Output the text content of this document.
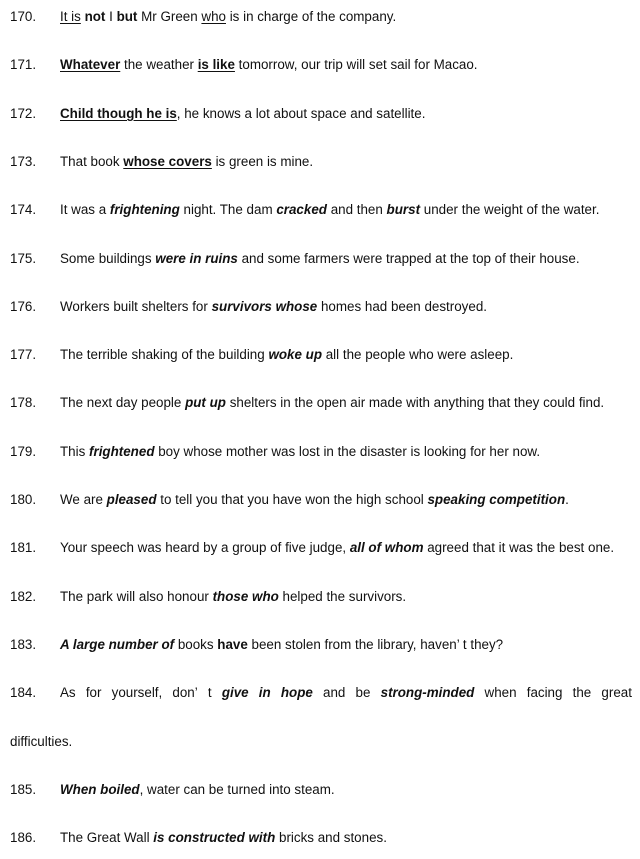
170. It is not I but Mr Green who is in charge of the company.
171. Whatever the weather is like tomorrow, our trip will set sail for Macao.
172. Child though he is, he knows a lot about space and satellite.
173. That book whose covers is green is mine.
174. It was a frightening night. The dam cracked and then burst under the weight of the water.
175. Some buildings were in ruins and some farmers were trapped at the top of their house.
176. Workers built shelters for survivors whose homes had been destroyed.
177. The terrible shaking of the building woke up all the people who were asleep.
178. The next day people put up shelters in the open air made with anything that they could find.
179. This frightened boy whose mother was lost in the disaster is looking for her now.
180. We are pleased to tell you that you have won the high school speaking competition.
181. Your speech was heard by a group of five judge, all of whom agreed that it was the best one.
182. The park will also honour those who helped the survivors.
183. A large number of books have been stolen from the library, haven’ t they?
184. As for yourself, don’ t give in hope and be strong-minded when facing the great
difficulties.
185. When boiled, water can be turned into steam.
186. The Great Wall is constructed with bricks and stones.
